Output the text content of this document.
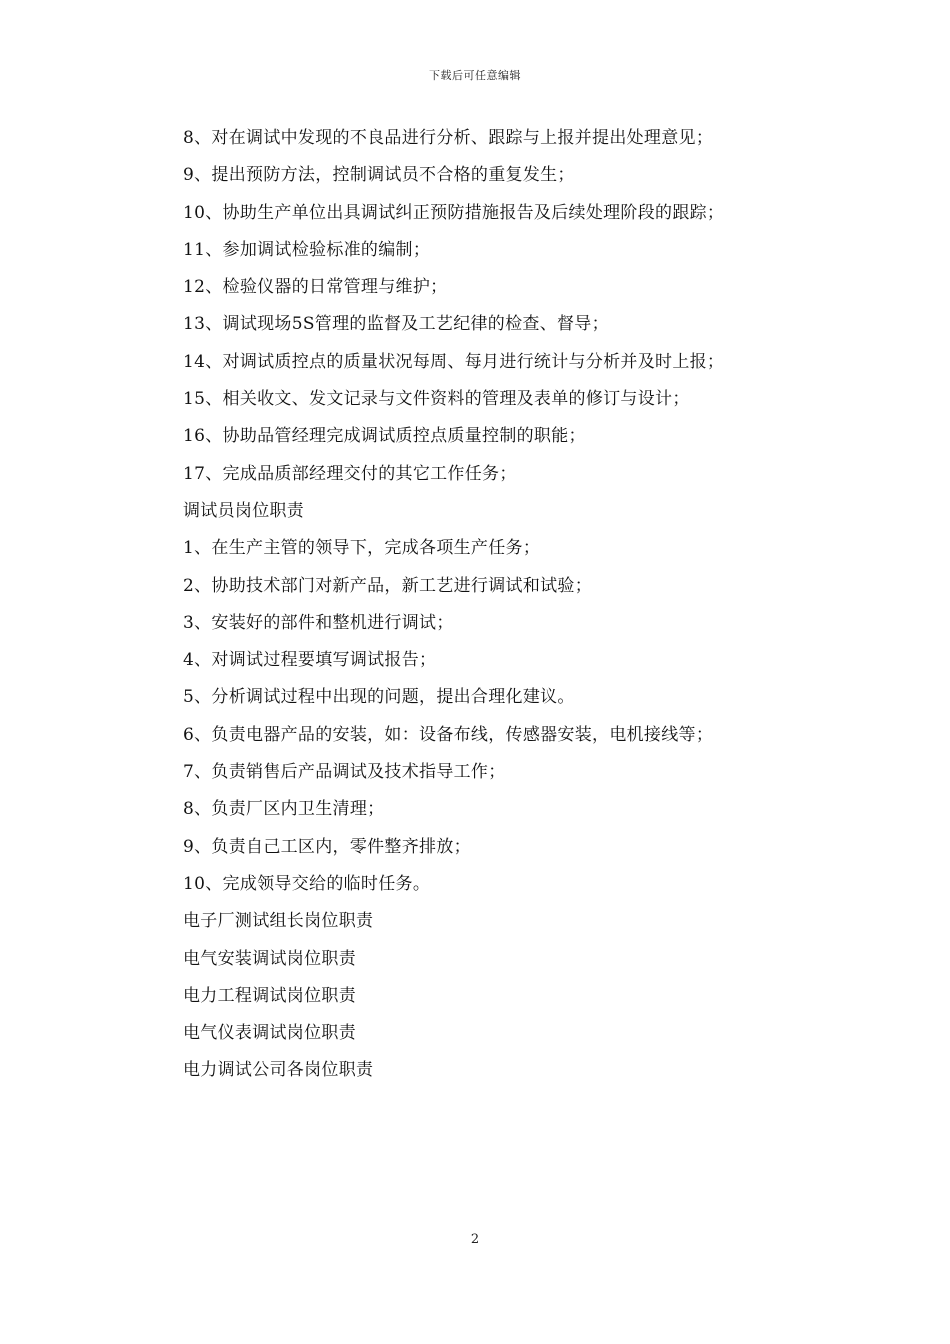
下载后可任意编辑
8、对在调试中发现的不良品进行分析、跟踪与上报并提出处理意见；
9、提出预防方法，控制调试员不合格的重复发生；
10、协助生产单位出具调试纠正预防措施报告及后续处理阶段的跟踪；
11、参加调试检验标准的编制；
12、检验仪器的日常管理与维护；
13、调试现场5S管理的监督及工艺纪律的检查、督导；
14、对调试质控点的质量状况每周、每月进行统计与分析并及时上报；
15、相关收文、发文记录与文件资料的管理及表单的修订与设计；
16、协助品管经理完成调试质控点质量控制的职能；
17、完成品质部经理交付的其它工作任务；
调试员岗位职责
1、在生产主管的领导下，完成各项生产任务；
2、协助技术部门对新产品，新工艺进行调试和试验；
3、安装好的部件和整机进行调试；
4、对调试过程要填写调试报告；
5、分析调试过程中出现的问题，提出合理化建议。
6、负责电器产品的安装，如：设备布线，传感器安装，电机接线等；
7、负责销售后产品调试及技术指导工作；
8、负责厂区内卫生清理；
9、负责自己工区内，零件整齐排放；
10、完成领导交给的临时任务。
电子厂测试组长岗位职责
电气安装调试岗位职责
电力工程调试岗位职责
电气仪表调试岗位职责
电力调试公司各岗位职责
2
